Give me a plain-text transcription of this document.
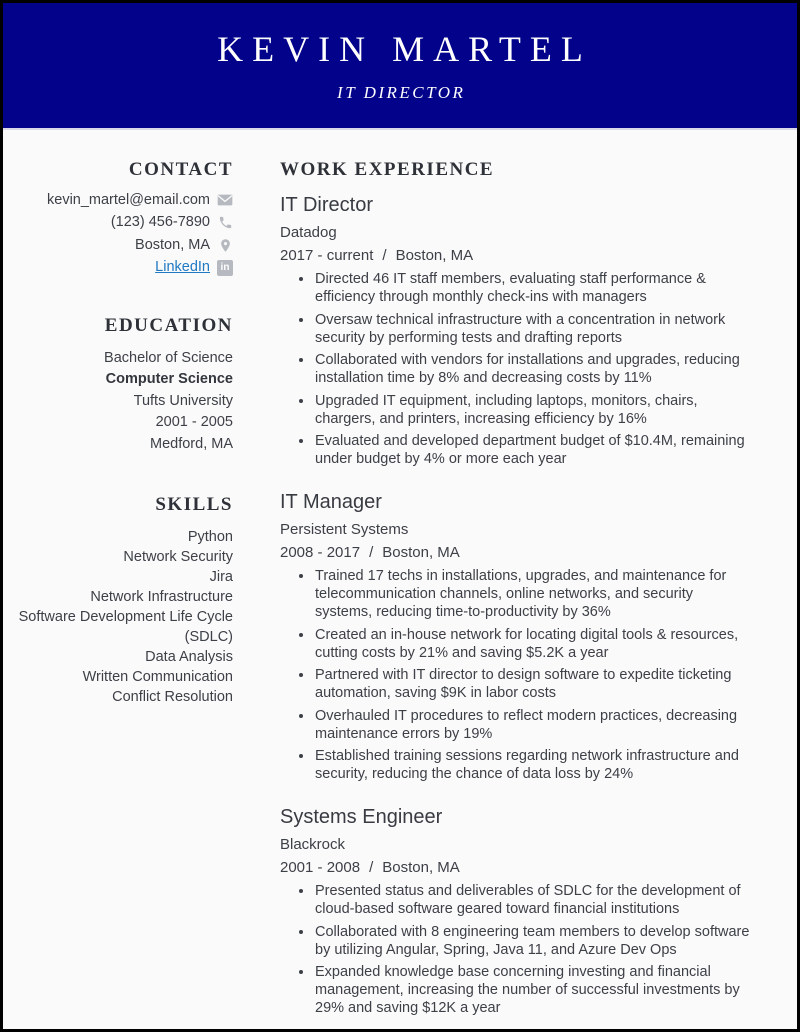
KEVIN MARTEL
IT DIRECTOR
CONTACT
kevin_martel@email.com
(123) 456-7890
Boston, MA
LinkedIn	in
EDUCATION
Bachelor of Science
Computer Science
Tufts University
2001 - 2005
Medford, MA
SKILLS
Python
Network Security
Jira
Network Infrastructure
Software Development Life Cycle (SDLC)
Data Analysis
Written Communication
Conflict Resolution
WORK EXPERIENCE
IT Director
Datadog
2017 - current / Boston, MA
• Directed 46 IT staff members, evaluating staff performance & efficiency through monthly check-ins with managers
• Oversaw technical infrastructure with a concentration in network security by performing tests and drafting reports
• Collaborated with vendors for installations and upgrades, reducing installation time by 8% and decreasing costs by 11%
• Upgraded IT equipment, including laptops, monitors, chairs, chargers, and printers, increasing efficiency by 16%
• Evaluated and developed department budget of $10.4M, remaining under budget by 4% or more each year
IT Manager
Persistent Systems
2008 - 2017 / Boston, MA
• Trained 17 techs in installations, upgrades, and maintenance for telecommunication channels, online networks, and security systems, reducing time-to-productivity by 36%
• Created an in-house network for locating digital tools & resources, cutting costs by 21% and saving $5.2K a year
• Partnered with IT director to design software to expedite ticketing automation, saving $9K in labor costs
• Overhauled IT procedures to reflect modern practices, decreasing maintenance errors by 19%
• Established training sessions regarding network infrastructure and security, reducing the chance of data loss by 24%
Systems Engineer
Blackrock
2001 - 2008 / Boston, MA
• Presented status and deliverables of SDLC for the development of cloud-based software geared toward financial institutions
• Collaborated with 8 engineering team members to develop software by utilizing Angular, Spring, Java 11, and Azure Dev Ops
• Expanded knowledge base concerning investing and financial management, increasing the number of successful investments by 29% and saving $12K a year
